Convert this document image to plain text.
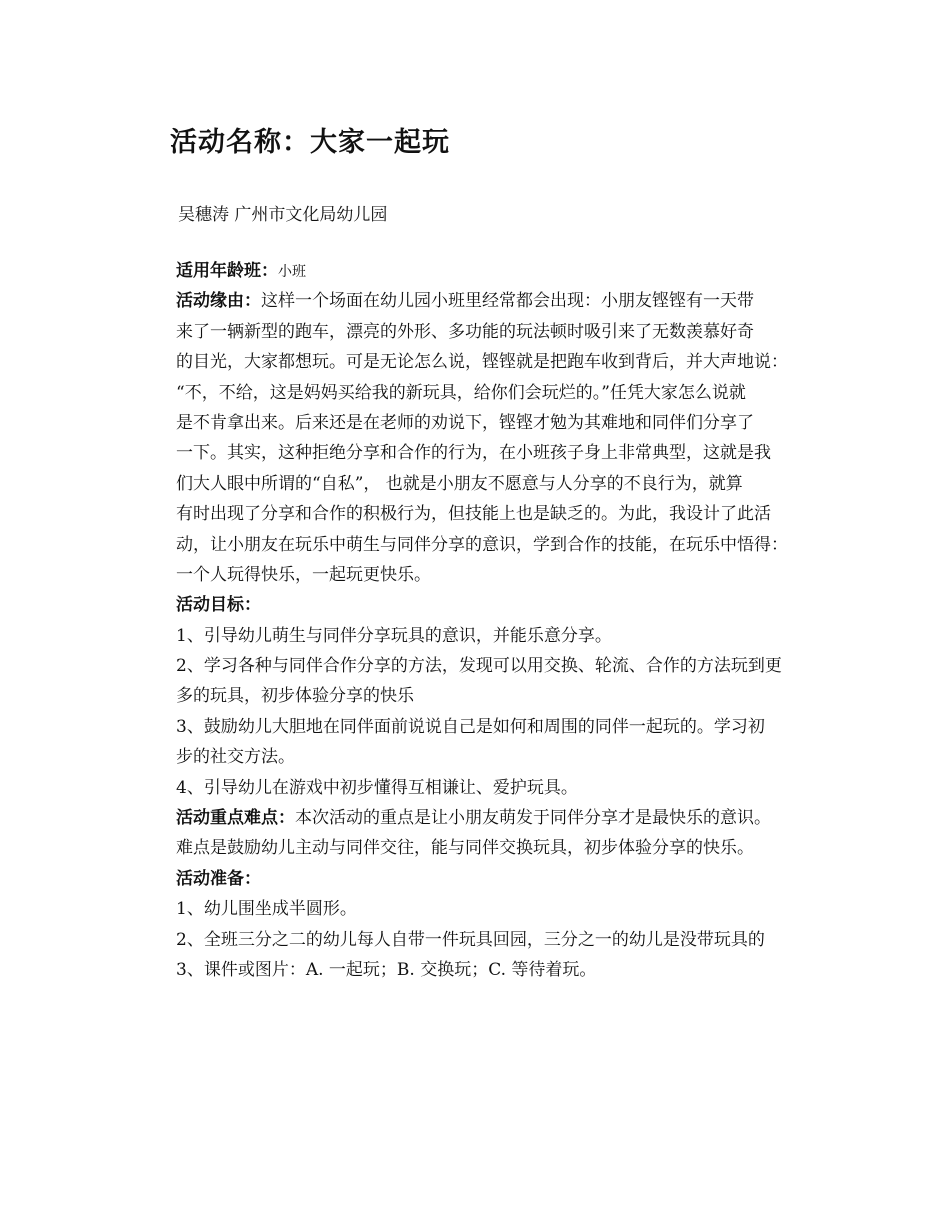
活动名称：大家一起玩
吴穗涛 广州市文化局幼儿园
适用年龄班：小班
活动缘由：这样一个场面在幼儿园小班里经常都会出现：小朋友铿铿有一天带
来了一辆新型的跑车，漂亮的外形、多功能的玩法顿时吸引来了无数羡慕好奇
的目光，大家都想玩。可是无论怎么说，铿铿就是把跑车收到背后，并大声地说：
“不，不给，这是妈妈买给我的新玩具，给你们会玩烂的。”任凭大家怎么说就
是不肯拿出来。后来还是在老师的劝说下，铿铿才勉为其难地和同伴们分享了
一下。其实，这种拒绝分享和合作的行为，在小班孩子身上非常典型，这就是我
们大人眼中所谓的“自私”， 也就是小朋友不愿意与人分享的不良行为，就算
有时出现了分享和合作的积极行为，但技能上也是缺乏的。为此，我设计了此活
动，让小朋友在玩乐中萌生与同伴分享的意识，学到合作的技能，在玩乐中悟得：
一个人玩得快乐，一起玩更快乐。
活动目标：
1、引导幼儿萌生与同伴分享玩具的意识，并能乐意分享。
2、学习各种与同伴合作分享的方法，发现可以用交换、轮流、合作的方法玩到更
多的玩具，初步体验分享的快乐
3、鼓励幼儿大胆地在同伴面前说说自己是如何和周围的同伴一起玩的。学习初
步的社交方法。
4、引导幼儿在游戏中初步懂得互相谦让、爱护玩具。
活动重点难点：本次活动的重点是让小朋友萌发于同伴分享才是最快乐的意识。
难点是鼓励幼儿主动与同伴交往，能与同伴交换玩具，初步体验分享的快乐。
活动准备：
1、幼儿围坐成半圆形。
2、全班三分之二的幼儿每人自带一件玩具回园，三分之一的幼儿是没带玩具的
3、课件或图片：A. 一起玩；B. 交换玩；C. 等待着玩。
